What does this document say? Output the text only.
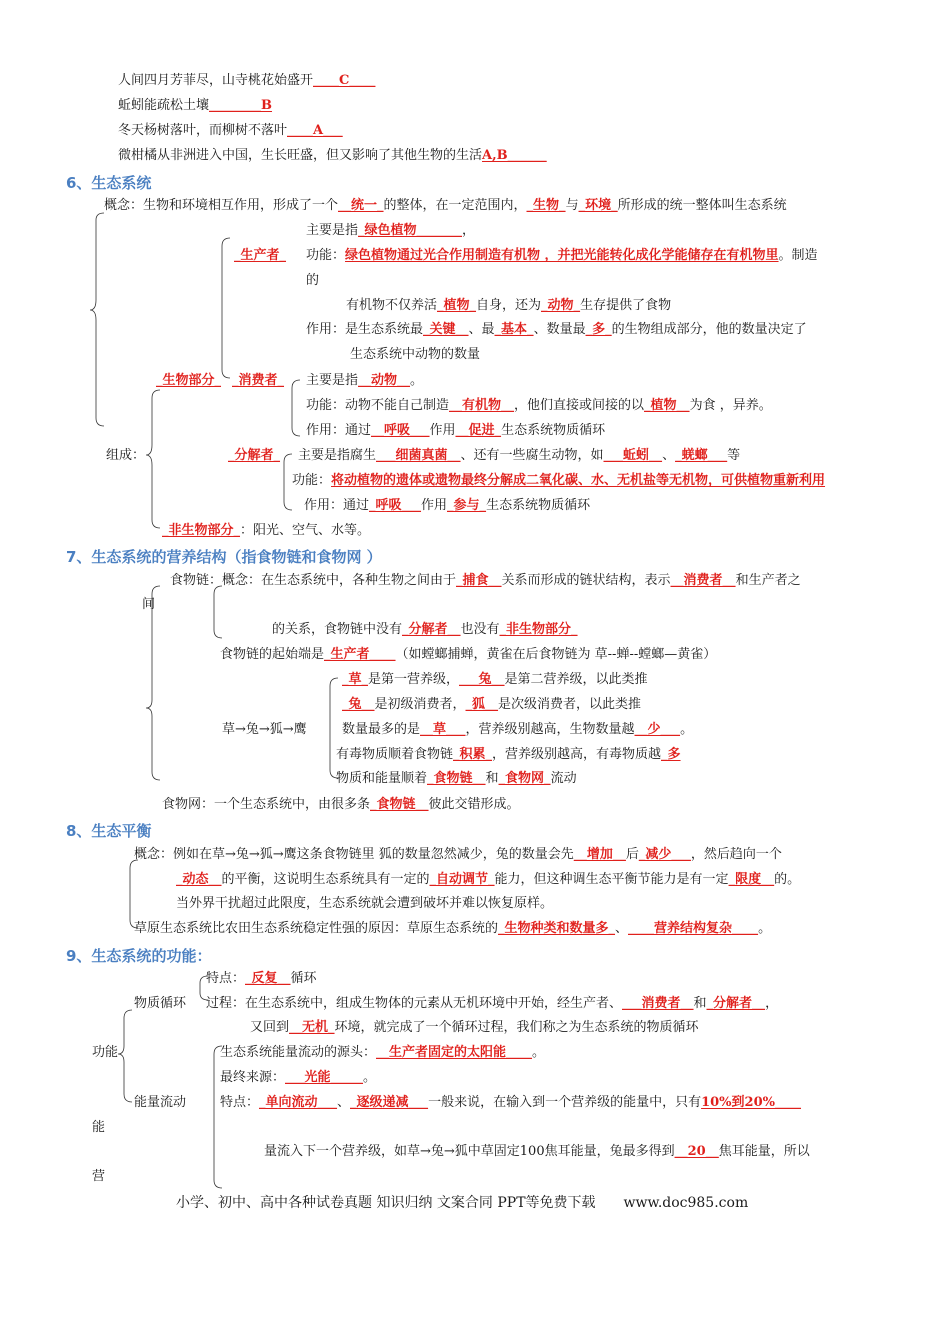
人间四月芳菲尽，山寺桃花始盛开____C____
蚯蚓能疏松土壤________B
冬天杨树落叶，而柳树不落叶____A___
微柑橘从非洲进入中国，生长旺盛，但又影响了其他生物的生活A,B______
6、生态系统
概念：生物和环境相互作用，形成了一个__统一_的整体，在一定范围内，_生物_与_环境_所形成的统一整体叫生态系统
主要是指_绿色植物_______，
_生产者_ 功能：绿色植物通过光合作用制造有机物 ，并把光能转化成化学能储存在有机物里。制造
的
有机物不仅养活_植物_自身，还为_动物_生存提供了食物
作用：是生态系统最_关键__、最_基本_、数量最_多_的生物组成部分，他的数量决定了
生态系统中动物的数量
_生物部分_ _消费者_ 主要是指__动物__。
功能：动物不能自己制造__有机物__，他们直接或间接的以_植物__为食 ，异养。
作用：通过__呼吸___作用__促进_生态系统物质循环
组成：	_分解者_ 主要是指腐生___细菌真菌__、还有一些腐生动物，如___蚯蚓__、_蜣螂___等
功能：将动植物的遗体或遗物最终分解成二氧化碳、水、无机盐等无机物，可供植物重新利用
作用：通过_呼吸___作用_参与_生态系统物质循环
_非生物部分_：阳光、空气、水等。
7、生态系统的营养结构（指食物链和食物网 ）
食物链：概念：在生态系统中，各种生物之间由于_捕食__关系而形成的链状结构，表示__消费者__和生产者之
间
的关系，食物链中没有_分解者__也没有_非生物部分_
食物链的起始端是_生产者____（如螳螂捕蝉，黄雀在后食物链为 草--蝉--螳螂—黄雀）
_草_是第一营养级，___兔__是第二营养级，以此类推
_兔__是初级消费者，_狐__是次级消费者，以此类推
草→兔→狐→鹰	数量最多的是__草___，营养级别越高，生物数量越__少___。
有毒物质顺着食物链_积累_，营养级别越高，有毒物质越_多
物质和能量顺着_食物链__和_食物网_流动
食物网：一个生态系统中，由很多条_食物链__彼此交错形成。
8、生态平衡
概念：例如在草→兔→狐→鹰这条食物链里 狐的数量忽然减少，兔的数量会先__增加__后_减少___，然后趋向一个
_动态__的平衡，这说明生态系统具有一定的_自动调节_能力，但这种调生态平衡节能力是有一定_限度__的。
当外界干扰超过此限度，生态系统就会遭到破坏并难以恢复原样。
草原生态系统比农田生态系统稳定性强的原因：草原生态系统的_生物种类和数量多_、____营养结构复杂____。
9、生态系统的功能：
特点：_反复__循环
物质循环 过程：在生态系统中，组成生物体的元素从无机环境中开始，经生产者、___消费者__和_分解者__，
又回到__无机_环境，就完成了一个循环过程，我们称之为生态系统的物质循环
功能	生态系统能量流动的源头：__生产者固定的太阳能____。
最终来源：___光能_____。
能量流动	特点：_单向流动___、_逐级递减___一般来说，在输入到一个营养级的能量中，只有10%到20%____
能
量流入下一个营养级，如草→兔→狐中草固定100焦耳能量，兔最多得到__20__焦耳能量，所以
营
小学、初中、高中各种试卷真题 知识归纳 文案合同 PPT等免费下载　　www.doc985.com
